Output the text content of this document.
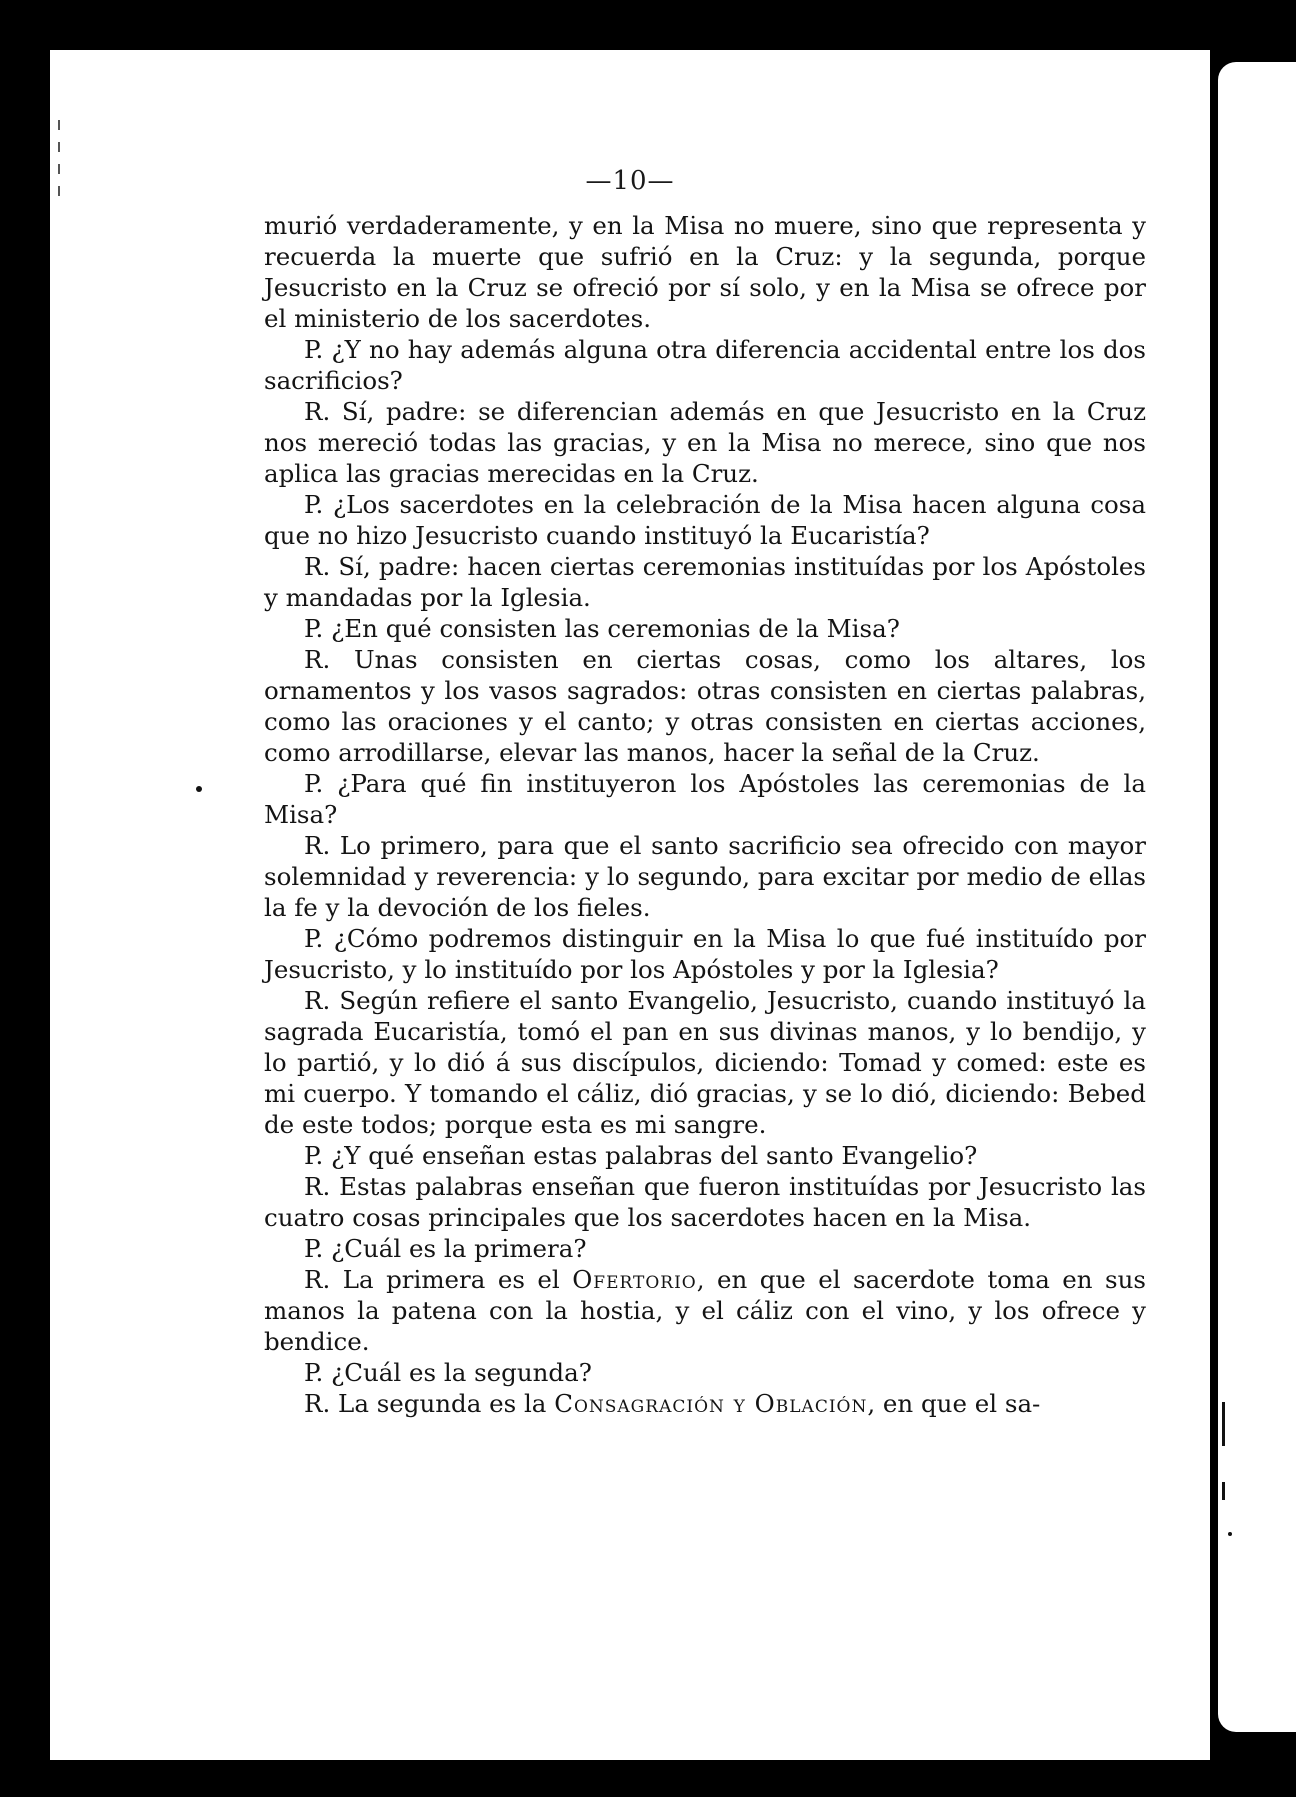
—10—

murió verdaderamente, y en la Misa no muere, sino que representa y recuerda la muerte que sufrió en la Cruz: y la segunda, porque Jesucristo en la Cruz se ofreció por sí solo, y en la Misa se ofrece por el ministerio de los sacerdotes.

P. ¿Y no hay además alguna otra diferencia accidental entre los dos sacrificios?

R. Sí, padre: se diferencian además en que Jesucristo en la Cruz nos mereció todas las gracias, y en la Misa no merece, sino que nos aplica las gracias merecidas en la Cruz.

P. ¿Los sacerdotes en la celebración de la Misa hacen alguna cosa que no hizo Jesucristo cuando instituyó la Eucaristía?

R. Sí, padre: hacen ciertas ceremonias instituídas por los Apóstoles y mandadas por la Iglesia.

P. ¿En qué consisten las ceremonias de la Misa?

R. Unas consisten en ciertas cosas, como los altares, los ornamentos y los vasos sagrados: otras consisten en ciertas palabras, como las oraciones y el canto; y otras consisten en ciertas acciones, como arrodillarse, elevar las manos, hacer la señal de la Cruz.

P. ¿Para qué fin instituyeron los Apóstoles las ceremonias de la Misa?

R. Lo primero, para que el santo sacrificio sea ofrecido con mayor solemnidad y reverencia: y lo segundo, para excitar por medio de ellas la fe y la devoción de los fieles.

P. ¿Cómo podremos distinguir en la Misa lo que fué instituído por Jesucristo, y lo instituído por los Apóstoles y por la Iglesia?

R. Según refiere el santo Evangelio, Jesucristo, cuando instituyó la sagrada Eucaristía, tomó el pan en sus divinas manos, y lo bendijo, y lo partió, y lo dió á sus discípulos, diciendo: Tomad y comed: este es mi cuerpo. Y tomando el cáliz, dió gracias, y se lo dió, diciendo: Bebed de este todos; porque esta es mi sangre.

P. ¿Y qué enseñan estas palabras del santo Evangelio?

R. Estas palabras enseñan que fueron instituídas por Jesucristo las cuatro cosas principales que los sacerdotes hacen en la Misa.

P. ¿Cuál es la primera?

R. La primera es el Ofertorio, en que el sacerdote toma en sus manos la patena con la hostia, y el cáliz con el vino, y los ofrece y bendice.

P. ¿Cuál es la segunda?

R. La segunda es la Consagración y Oblación, en que el sa-
